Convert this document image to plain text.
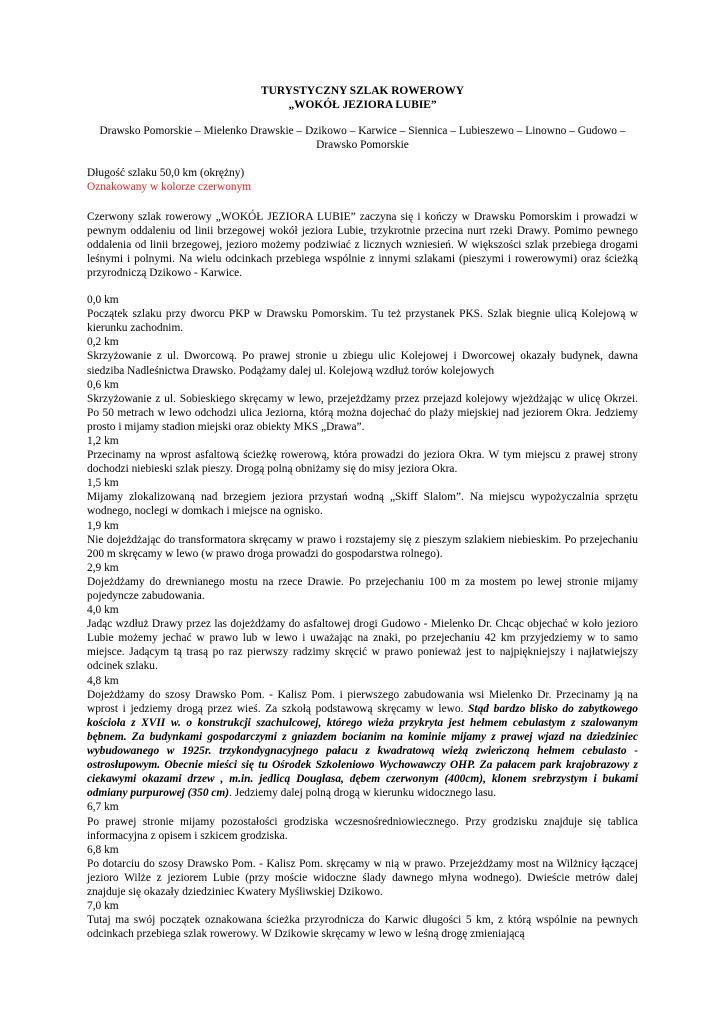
TURYSTYCZNY SZLAK ROWEROWY

„WOKÓŁ JEZIORA LUBIE”

Drawsko Pomorskie – Mielenko Drawskie – Dzikowo – Karwice – Siennica – Lubieszewo – Linowno – Gudowo – Drawsko Pomorskie

Długość szlaku 50,0 km (okrężny)

Oznakowany w kolorze czerwonym

Czerwony szlak rowerowy „WOKÓŁ JEZIORA LUBIE” zaczyna się i kończy w Drawsku Pomorskim i prowadzi w pewnym oddaleniu od linii brzegowej wokół jeziora Lubie, trzykrotnie przecina nurt rzeki Drawy. Pomimo pewnego oddalenia od linii brzegowej, jezioro możemy podziwiać z licznych wzniesień. W większości szlak przebiega drogami leśnymi i polnymi. Na wielu odcinkach przebiega wspólnie z innymi szlakami (pieszymi i rowerowymi) oraz ścieżką przyrodniczą Dzikowo - Karwice.

0,0 km

Początek szlaku przy dworcu PKP w Drawsku Pomorskim. Tu też przystanek PKS. Szlak biegnie ulicą Kolejową w kierunku zachodnim.

0,2 km

Skrzyżowanie z ul. Dworcową. Po prawej stronie u zbiegu ulic Kolejowej i Dworcowej okazały budynek, dawna siedziba Nadleśnictwa Drawsko. Podążamy dalej ul. Kolejową wzdłuż torów kolejowych

0,6 km

Skrzyżowanie z ul. Sobieskiego skręcamy w lewo, przejeżdżamy przez przejazd kolejowy wjeżdżając w ulicę Okrzei. Po 50 metrach w lewo odchodzi ulica Jeziorna, którą można dojechać do plaży miejskiej nad jeziorem Okra. Jedziemy prosto i mijamy stadion miejski oraz obiekty MKS „Drawa”.

1,2 km

Przecinamy na wprost asfaltową ścieżkę rowerową, która prowadzi do jeziora Okra. W tym miejscu z prawej strony dochodzi niebieski szlak pieszy. Drogą polną obniżamy się do misy jeziora Okra.

1,5 km

Mijamy zlokalizowaną nad brzegiem jeziora przystań wodną „Skiff Slalom”. Na miejscu wypożyczalnia sprzętu wodnego, noclegi w domkach i miejsce na ognisko.

1,9 km

Nie dojeżdżając do transformatora skręcamy w prawo i rozstajemy się z pieszym szlakiem niebieskim. Po przejechaniu 200 m skręcamy w lewo (w prawo droga prowadzi do gospodarstwa rolnego).

2,9 km

Dojeżdżamy do drewnianego mostu na rzece Drawie. Po przejechaniu 100 m za mostem po lewej stronie mijamy pojedyncze zabudowania.

4,0 km

Jadąc wzdłuż Drawy przez las dojeżdżamy do asfaltowej drogi Gudowo - Mielenko Dr. Chcąc objechać w koło jezioro Lubie możemy jechać w prawo lub w lewo i uważając na znaki, po przejechaniu 42 km przyjedziemy w to samo miejsce. Jadącym tą trasą po raz pierwszy radzimy skręcić w prawo ponieważ jest to najpiękniejszy i najłatwiejszy odcinek szlaku.

4,8 km

Dojeżdżamy do szosy Drawsko Pom. - Kalisz Pom. i pierwszego zabudowania wsi Mielenko Dr. Przecinamy ją na wprost i jedziemy drogą przez wieś. Za szkołą podstawową skręcamy w lewo. Stąd bardzo blisko do zabytkowego kościoła z XVII w. o konstrukcji szachulcowej, którego wieża przykryta jest hełmem cebulastym z szalowanym bębnem. Za budynkami gospodarczymi z gniazdem bocianim na kominie mijamy z prawej wjazd na dziedziniec wybudowanego w 1925r. trzykondygnacyjnego pałacu z kwadratową wieżą zwieńczoną hełmem cebulasto - ostrosłupowym. Obecnie mieści się tu Ośrodek Szkoleniowo Wychowawczy OHP. Za pałacem park krajobrazowy z ciekawymi okazami drzew , m.in. jedlicą Douglasa, dębem czerwonym (400cm), klonem srebrzystym i bukami odmiany purpurowej (350 cm). Jedziemy dalej polną drogą w kierunku widocznego lasu.

6,7 km

Po prawej stronie mijamy pozostałości grodziska wczesnośredniowiecznego. Przy grodzisku znajduje się tablica informacyjna z opisem i szkicem grodziska.

6,8 km

Po dotarciu do szosy Drawsko Pom. - Kalisz Pom. skręcamy w nią w prawo. Przejeżdżamy most na Wilżnicy łączącej jezioro Wilże z jeziorem Lubie (przy moście widoczne ślady dawnego młyna wodnego). Dwieście metrów dalej znajduje się okazały dziedziniec Kwatery Myśliwskiej Dzikowo.

7,0 km

Tutaj ma swój początek oznakowana ścieżka przyrodnicza do Karwic długości 5 km, z którą wspólnie na pewnych odcinkach przebiega szlak rowerowy. W Dzikowie skręcamy w lewo w leśną drogę zmieniającą
